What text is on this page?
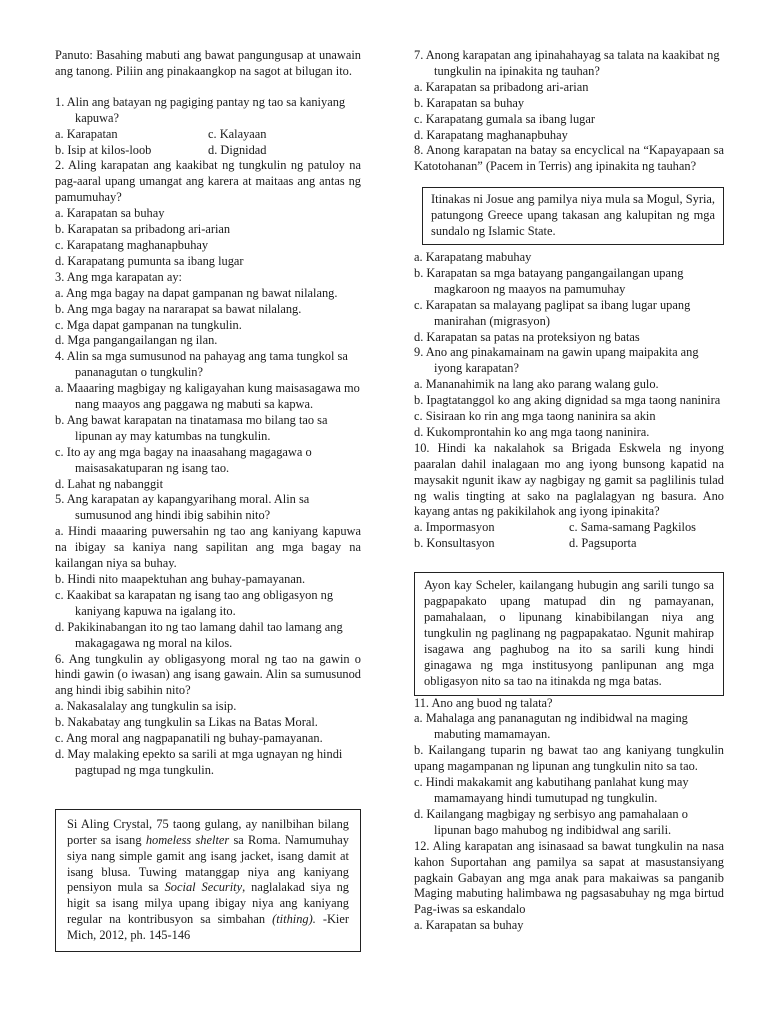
Panuto: Basahing mabuti ang bawat pangungusap at unawain ang tanong. Piliin ang pinakaangkop na sagot at bilugan ito.

1. Alin ang batayan ng pagiging pantay ng tao sa kaniyang kapuwa?

a. Karapatan	c. Kalayaan
b. Isip at kilos-loob	d. Dignidad

2. Aling karapatan ang kaakibat ng tungkulin ng patuloy na pag-aaral upang umangat ang karera at maitaas ang antas ng pamumuhay?

a. Karapatan sa buhay

b. Karapatan sa pribadong ari-arian

c. Karapatang maghanapbuhay

d. Karapatang pumunta sa ibang lugar

3. Ang mga karapatan ay:

a. Ang mga bagay na dapat gampanan ng bawat nilalang.

b. Ang mga bagay na nararapat sa bawat nilalang.

c. Mga dapat gampanan na tungkulin.

d. Mga pangangailangan ng ilan.

4. Alin sa mga sumusunod na pahayag ang tama tungkol sa pananagutan o tungkulin?

a. Maaaring magbigay ng kaligayahan kung maisasagawa mo nang maayos ang paggawa ng mabuti sa kapwa.

b. Ang bawat karapatan na tinatamasa mo bilang tao sa lipunan ay may katumbas na tungkulin.

c. Ito ay ang mga bagay na inaasahang magagawa o maisasakatuparan ng isang tao.

d. Lahat ng nabanggit

5. Ang karapatan ay kapangyarihang moral. Alin sa sumusunod ang hindi ibig sabihin nito?

a. Hindi maaaring puwersahin ng tao ang kaniyang kapuwa na ibigay sa kaniya nang sapilitan ang mga bagay na kailangan niya sa buhay.

b. Hindi nito maapektuhan ang buhay-pamayanan.

c. Kaakibat sa karapatan ng isang tao ang obligasyon ng kaniyang kapuwa na igalang ito.

d. Pakikinabangan ito ng tao lamang dahil tao lamang ang makagagawa ng moral na kilos.

6. Ang tungkulin ay obligasyong moral ng tao na gawin o hindi gawin (o iwasan) ang isang gawain. Alin sa sumusunod ang hindi ibig sabihin nito?

a. Nakasalalay ang tungkulin sa isip.

b. Nakabatay ang tungkulin sa Likas na Batas Moral.

c. Ang moral ang nagpapanatili ng buhay-pamayanan.

d. May malaking epekto sa sarili at mga ugnayan ng hindi pagtupad ng mga tungkulin.

Si Aling Crystal, 75 taong gulang, ay nanilbihan bilang porter sa isang homeless shelter sa Roma. Namumuhay siya nang simple gamit ang isang jacket, isang damit at isang blusa. Tuwing matanggap niya ang kaniyang pensiyon mula sa Social Security, naglalakad siya ng higit sa isang milya upang ibigay niya ang kaniyang regular na kontribusyon sa simbahan (tithing). -Kier Mich, 2012, ph. 145-146

7. Anong karapatan ang ipinahahayag sa talata na kaakibat ng tungkulin na ipinakita ng tauhan?

a. Karapatan sa pribadong ari-arian

b. Karapatan sa buhay

c. Karapatang gumala sa ibang lugar

d. Karapatang maghanapbuhay

8. Anong karapatan na batay sa encyclical na “Kapayapaan sa Katotohanan” (Pacem in Terris) ang ipinakita ng tauhan?

Itinakas ni Josue ang pamilya niya mula sa Mogul, Syria, patungong Greece upang takasan ang kalupitan ng mga sundalo ng Islamic State.

a. Karapatang mabuhay

b. Karapatan sa mga batayang pangangailangan upang magkaroon ng maayos na pamumuhay

c. Karapatan sa malayang paglipat sa ibang lugar upang manirahan (migrasyon)

d. Karapatan sa patas na proteksiyon ng batas

9. Ano ang pinakamainam na gawin upang maipakita ang iyong karapatan?

a. Mananahimik na lang ako parang walang gulo.

b. Ipagtatanggol ko ang aking dignidad sa mga taong naninira

c. Sisiraan ko rin ang mga taong naninira sa akin

d. Kukomprontahin ko ang mga taong naninira.

10. Hindi ka nakalahok sa Brigada Eskwela ng inyong paaralan dahil inalagaan mo ang iyong bunsong kapatid na maysakit ngunit ikaw ay nagbigay ng gamit sa paglilinis tulad ng walis tingting at sako na paglalagyan ng basura. Ano kayang antas ng pakikilahok ang iyong ipinakita?

a. Impormasyon	c. Sama-samang Pagkilos
b. Konsultasyon	d. Pagsuporta
Ayon kay Scheler, kailangang hubugin ang sarili tungo sa pagpapakato upang matupad din ng pamayanan, pamahalaan, o lipunang kinabibilangan niya ang tungkulin ng paglinang ng pagpapakatao. Ngunit mahirap isagawa ang paghubog na ito sa sarili kung hindi ginagawa ng mga institusyong panlipunan ang mga obligasyon nito sa tao na itinakda ng mga batas.

11. Ano ang buod ng talata?

a. Mahalaga ang pananagutan ng indibidwal na maging mabuting mamamayan.

b. Kailangang tuparin ng bawat tao ang kaniyang tungkulin upang magampanan ng lipunan ang tungkulin nito sa tao.

c. Hindi makakamit ang kabutihang panlahat kung may mamamayang hindi tumutupad ng tungkulin.

d. Kailangang magbigay ng serbisyo ang pamahalaan o lipunan bago mahubog ng indibidwal ang sarili.

12. Aling karapatan ang isinasaad sa bawat tungkulin na nasa kahon Suportahan ang pamilya sa sapat at masustansiyang pagkain Gabayan ang mga anak para makaiwas sa panganib Maging mabuting halimbawa ng pagsasabuhay ng mga birtud Pag-iwas sa eskandalo

a. Karapatan sa buhay
